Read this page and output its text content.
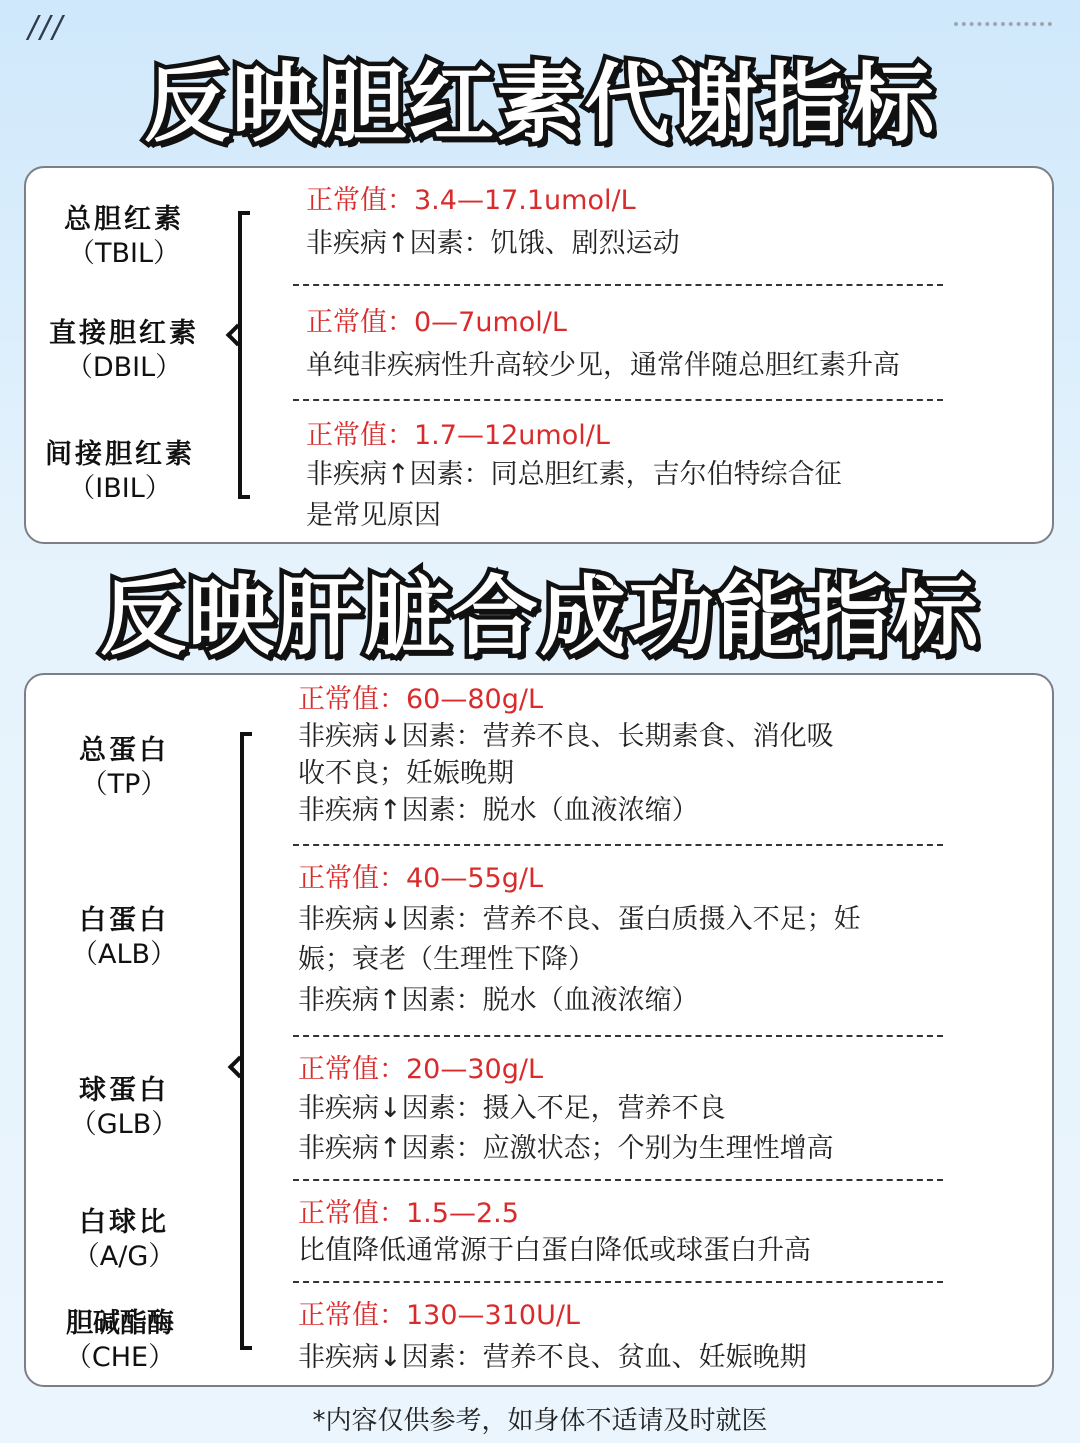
///
反映胆红素代谢指标
总胆红素
（TBIL）
直接胆红素
（DBIL）
间接胆红素
（IBIL）
正常值：3.4—17.1umol/L
非疾病↑因素：饥饿、剧烈运动
正常值：0—7umol/L
单纯非疾病性升高较少见，通常伴随总胆红素升高
正常值：1.7—12umol/L
非疾病↑因素：同总胆红素，吉尔伯特综合征
是常见原因
反映肝脏合成功能指标
总蛋白
（TP）
白蛋白
（ALB）
球蛋白
（GLB）
白球比
（A/G）
胆碱酯酶
（CHE）
正常值：60—80g/L
非疾病↓因素：营养不良、长期素食、消化吸
收不良；妊娠晚期
非疾病↑因素：脱水（血液浓缩）
正常值：40—55g/L
非疾病↓因素：营养不良、蛋白质摄入不足；妊
娠；衰老（生理性下降）
非疾病↑因素：脱水（血液浓缩）
正常值：20—30g/L
非疾病↓因素：摄入不足，营养不良
非疾病↑因素：应激状态；个别为生理性增高
正常值：1.5—2.5
比值降低通常源于白蛋白降低或球蛋白升高
正常值：130—310U/L
非疾病↓因素：营养不良、贫血、妊娠晚期
*内容仅供参考，如身体不适请及时就医
